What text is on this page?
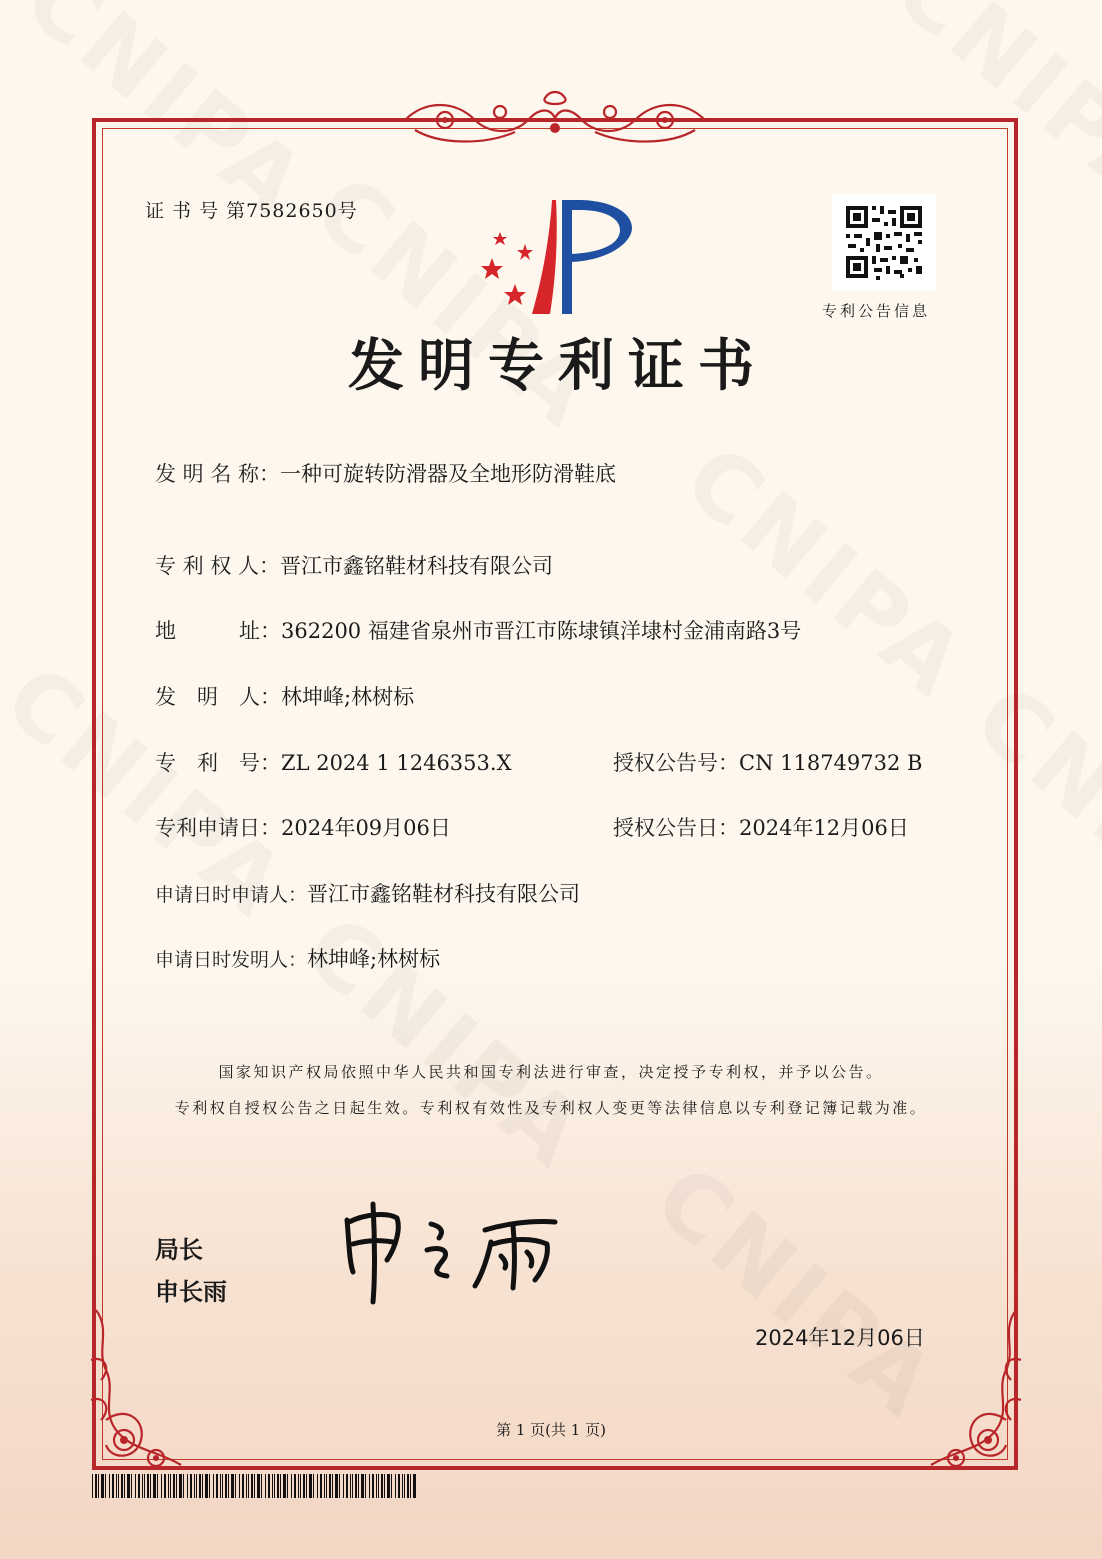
证 书 号 第7582650号
专利公告信息
发明专利证书
发 明 名 称：一种可旋转防滑器及全地形防滑鞋底
专 利 权 人：晋江市鑫铭鞋材科技有限公司
地　　　址：362200 福建省泉州市晋江市陈埭镇洋埭村金浦南路3号
发　明　人：林坤峰;林树标
专　利　号：ZL 2024 1 1246353.X	授权公告号：CN 118749732 B
专利申请日：2024年09月06日	授权公告日：2024年12月06日
申请日时申请人：晋江市鑫铭鞋材科技有限公司
申请日时发明人：林坤峰;林树标
国家知识产权局依照中华人民共和国专利法进行审查，决定授予专利权，并予以公告。
专利权自授权公告之日起生效。专利权有效性及专利权人变更等法律信息以专利登记簿记载为准。
局长
申长雨
2024年12月06日
第 1 页(共 1 页)
